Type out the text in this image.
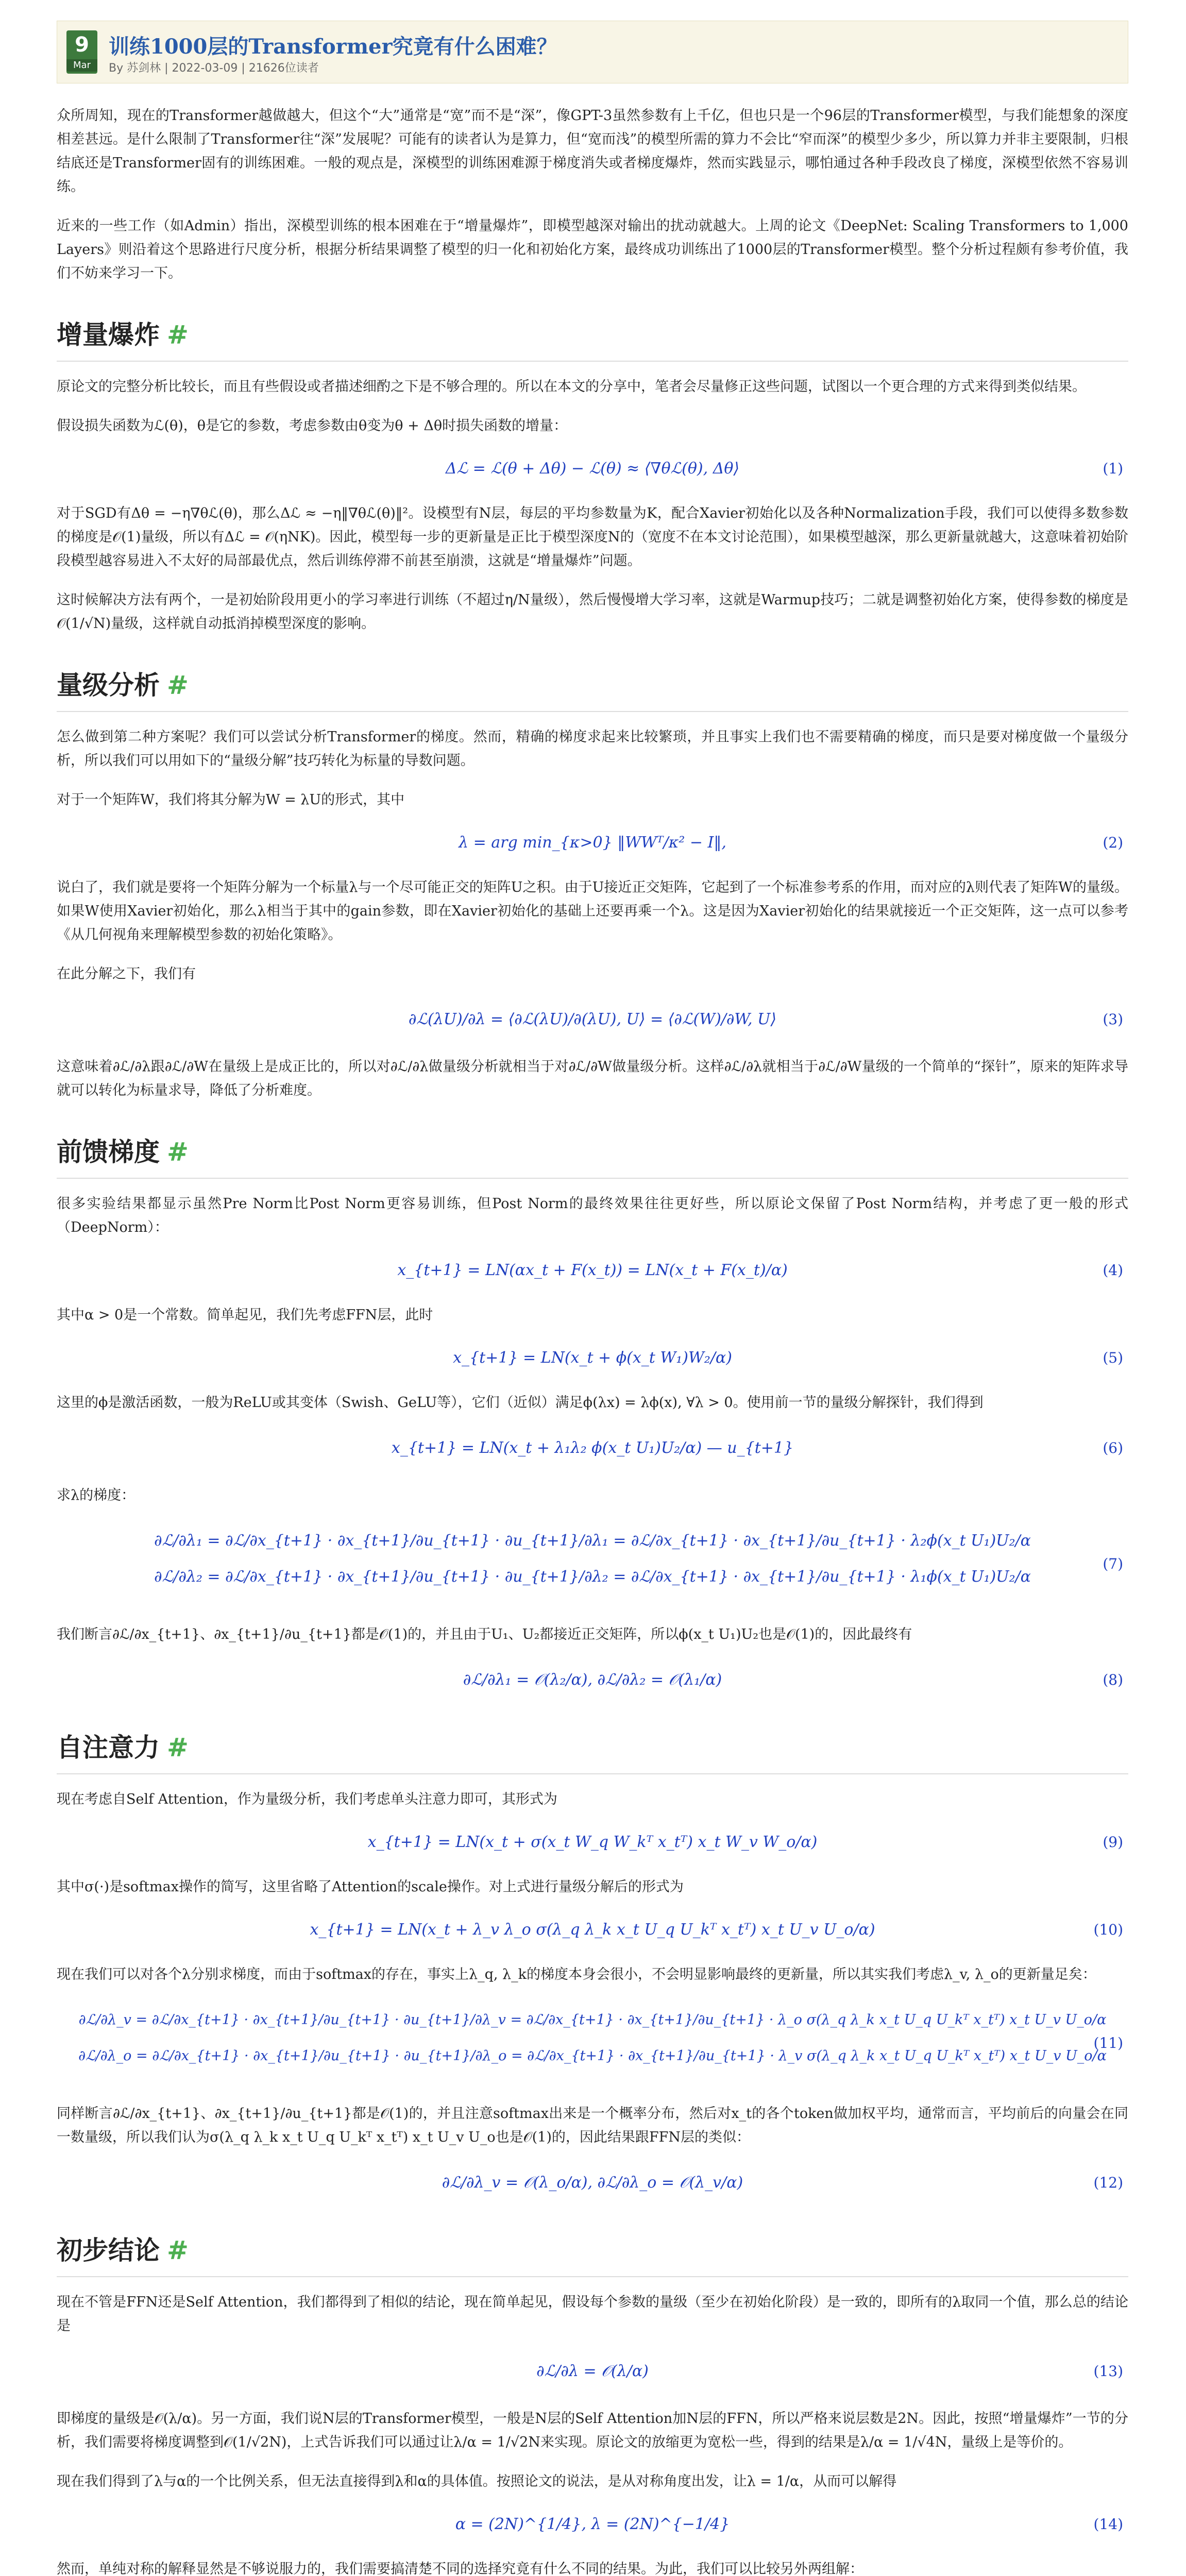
9
Mar
训练1000层的Transformer究竟有什么困难？
By 苏剑林 | 2022-03-09 | 21626位读者

众所周知，现在的Transformer越做越大，但这个“大”通常是“宽”而不是“深”，像GPT-3虽然参数有上千亿，但也只是一个96层的Transformer模型，与我们能想象的深度相差甚远。是什么限制了Transformer往“深”发展呢？可能有的读者认为是算力，但“宽而浅”的模型所需的算力不会比“窄而深”的模型少多少，所以算力并非主要限制，归根结底还是Transformer固有的训练困难。一般的观点是，深模型的训练困难源于梯度消失或者梯度爆炸，然而实践显示，哪怕通过各种手段改良了梯度，深模型依然不容易训练。

近来的一些工作（如Admin）指出，深模型训练的根本困难在于“增量爆炸”，即模型越深对输出的扰动就越大。上周的论文《DeepNet: Scaling Transformers to 1,000 Layers》则沿着这个思路进行尺度分析，根据分析结果调整了模型的归一化和初始化方案，最终成功训练出了1000层的Transformer模型。整个分析过程颇有参考价值，我们不妨来学习一下。

增量爆炸 #

原论文的完整分析比较长，而且有些假设或者描述细酌之下是不够合理的。所以在本文的分享中，笔者会尽量修正这些问题，试图以一个更合理的方式来得到类似结果。

假设损失函数为ℒ(θ)，θ是它的参数，考虑参数由θ变为θ + Δθ时损失函数的增量：

Δℒ = ℒ(θ + Δθ) − ℒ(θ) ≈ ⟨∇θℒ(θ), Δθ⟩	(1)

对于SGD有Δθ = −η∇θℒ(θ)，那么Δℒ ≈ −η‖∇θℒ(θ)‖²。设模型有N层，每层的平均参数量为K，配合Xavier初始化以及各种Normalization手段，我们可以使得多数参数的梯度是𝒪(1)量级，所以有Δℒ = 𝒪(ηNK)。因此，模型每一步的更新量是正比于模型深度N的（宽度不在本文讨论范围），如果模型越深，那么更新量就越大，这意味着初始阶段模型越容易进入不太好的局部最优点，然后训练停滞不前甚至崩溃，这就是“增量爆炸”问题。

这时候解决方法有两个，一是初始阶段用更小的学习率进行训练（不超过η/N量级），然后慢慢增大学习率，这就是Warmup技巧；二就是调整初始化方案，使得参数的梯度是𝒪(1/√N)量级，这样就自动抵消掉模型深度的影响。

量级分析 #

怎么做到第二种方案呢？我们可以尝试分析Transformer的梯度。然而，精确的梯度求起来比较繁琐，并且事实上我们也不需要精确的梯度，而只是要对梯度做一个量级分析，所以我们可以用如下的“量级分解”技巧转化为标量的导数问题。

对于一个矩阵W，我们将其分解为W = λU的形式，其中

λ = arg min_{κ>0} ‖WWᵀ/κ² − I‖,	(2)

说白了，我们就是要将一个矩阵分解为一个标量λ与一个尽可能正交的矩阵U之积。由于U接近正交矩阵，它起到了一个标准参考系的作用，而对应的λ则代表了矩阵W的量级。如果W使用Xavier初始化，那么λ相当于其中的gain参数，即在Xavier初始化的基础上还要再乘一个λ。这是因为Xavier初始化的结果就接近一个正交矩阵，这一点可以参考《从几何视角来理解模型参数的初始化策略》。

在此分解之下，我们有

∂ℒ(λU)/∂λ = ⟨∂ℒ(λU)/∂(λU), U⟩ = ⟨∂ℒ(W)/∂W, U⟩	(3)

这意味着∂ℒ/∂λ跟∂ℒ/∂W在量级上是成正比的，所以对∂ℒ/∂λ做量级分析就相当于对∂ℒ/∂W做量级分析。这样∂ℒ/∂λ就相当于∂ℒ/∂W量级的一个简单的“探针”，原来的矩阵求导就可以转化为标量求导，降低了分析难度。

前馈梯度 #

很多实验结果都显示虽然Pre Norm比Post Norm更容易训练，但Post Norm的最终效果往往更好些，所以原论文保留了Post Norm结构，并考虑了更一般的形式（DeepNorm）：

x_{t+1} = LN(αx_t + F(x_t)) = LN(x_t + F(x_t)/α)	(4)

其中α > 0是一个常数。简单起见，我们先考虑FFN层，此时

x_{t+1} = LN(x_t + ϕ(x_t W₁)W₂/α)	(5)

这里的ϕ是激活函数，一般为ReLU或其变体（Swish、GeLU等），它们（近似）满足ϕ(λx) = λϕ(x), ∀λ > 0。使用前一节的量级分解探针，我们得到

x_{t+1} = LN(x_t + λ₁λ₂ ϕ(x_t U₁)U₂/α) — u_{t+1}	(6)

求λ的梯度：

∂ℒ/∂λ₁ = ∂ℒ/∂x_{t+1} · ∂x_{t+1}/∂u_{t+1} · ∂u_{t+1}/∂λ₁ = ∂ℒ/∂x_{t+1} · ∂x_{t+1}/∂u_{t+1} · λ₂ϕ(x_t U₁)U₂/α
∂ℒ/∂λ₂ = ∂ℒ/∂x_{t+1} · ∂x_{t+1}/∂u_{t+1} · ∂u_{t+1}/∂λ₂ = ∂ℒ/∂x_{t+1} · ∂x_{t+1}/∂u_{t+1} · λ₁ϕ(x_t U₁)U₂/α
(7)

我们断言∂ℒ/∂x_{t+1}、∂x_{t+1}/∂u_{t+1}都是𝒪(1)的，并且由于U₁、U₂都接近正交矩阵，所以ϕ(x_t U₁)U₂也是𝒪(1)的，因此最终有

∂ℒ/∂λ₁ = 𝒪(λ₂/α), ∂ℒ/∂λ₂ = 𝒪(λ₁/α)	(8)
自注意力 #

现在考虑自Self Attention，作为量级分析，我们考虑单头注意力即可，其形式为

x_{t+1} = LN(x_t + σ(x_t W_q W_kᵀ x_tᵀ) x_t W_v W_o/α)	(9)

其中σ(·)是softmax操作的简写，这里省略了Attention的scale操作。对上式进行量级分解后的形式为

x_{t+1} = LN(x_t + λ_v λ_o σ(λ_q λ_k x_t U_q U_kᵀ x_tᵀ) x_t U_v U_o/α)	(10)

现在我们可以对各个λ分别求梯度，而由于softmax的存在，事实上λ_q, λ_k的梯度本身会很小，不会明显影响最终的更新量，所以其实我们考虑λ_v, λ_o的更新量足矣：

∂ℒ/∂λ_v = ∂ℒ/∂x_{t+1} · ∂x_{t+1}/∂u_{t+1} · ∂u_{t+1}/∂λ_v = ∂ℒ/∂x_{t+1} · ∂x_{t+1}/∂u_{t+1} · λ_o σ(λ_q λ_k x_t U_q U_kᵀ x_tᵀ) x_t U_v U_o/α
∂ℒ/∂λ_o = ∂ℒ/∂x_{t+1} · ∂x_{t+1}/∂u_{t+1} · ∂u_{t+1}/∂λ_o = ∂ℒ/∂x_{t+1} · ∂x_{t+1}/∂u_{t+1} · λ_v σ(λ_q λ_k x_t U_q U_kᵀ x_tᵀ) x_t U_v U_o/α
(11)

同样断言∂ℒ/∂x_{t+1}、∂x_{t+1}/∂u_{t+1}都是𝒪(1)的，并且注意softmax出来是一个概率分布，然后对x_t的各个token做加权平均，通常而言，平均前后的向量会在同一数量级，所以我们认为σ(λ_q λ_k x_t U_q U_kᵀ x_tᵀ) x_t U_v U_o也是𝒪(1)的，因此结果跟FFN层的类似：

∂ℒ/∂λ_v = 𝒪(λ_o/α), ∂ℒ/∂λ_o = 𝒪(λ_v/α)	(12)
初步结论 #

现在不管是FFN还是Self Attention，我们都得到了相似的结论，现在简单起见，假设每个参数的量级（至少在初始化阶段）是一致的，即所有的λ取同一个值，那么总的结论是

∂ℒ/∂λ = 𝒪(λ/α)	(13)

即梯度的量级是𝒪(λ/α)。另一方面，我们说N层的Transformer模型，一般是N层的Self Attention加N层的FFN，所以严格来说层数是2N。因此，按照“增量爆炸”一节的分析，我们需要将梯度调整到𝒪(1/√2N)，上式告诉我们可以通过让λ/α = 1/√2N来实现。原论文的放缩更为宽松一些，得到的结果是λ/α = 1/√4N，量级上是等价的。

现在我们得到了λ与α的一个比例关系，但无法直接得到λ和α的具体值。按照论文的说法，是从对称角度出发，让λ = 1/α，从而可以解得

α = (2N)^{1/4}, λ = (2N)^{−1/4}	(14)

然而，单纯对称的解释显然是不够说服力的，我们需要搞清楚不同的选择究竟有什么不同的结果。为此，我们可以比较另外两组解：
